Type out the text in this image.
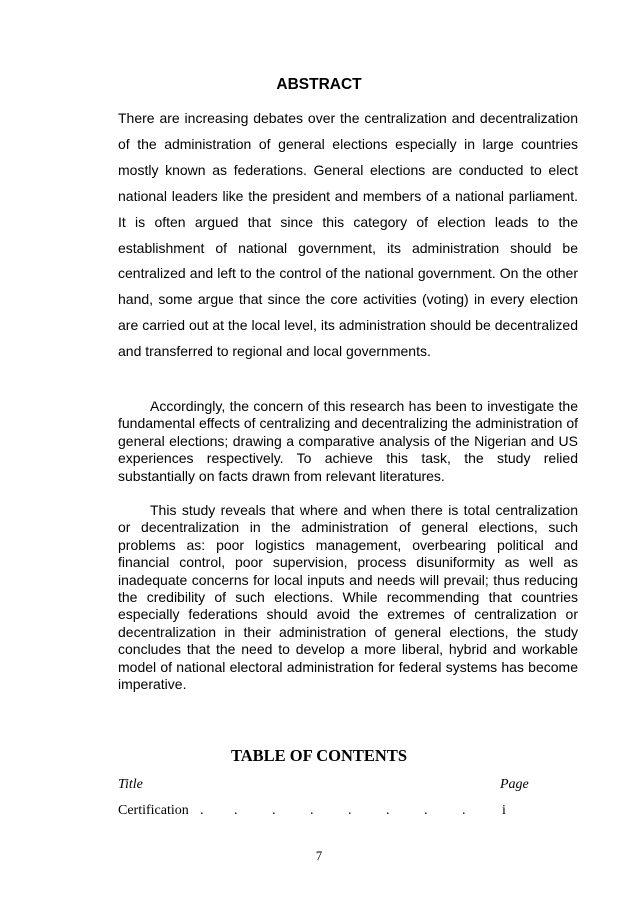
ABSTRACT

There are increasing debates over the centralization and decentralization of the administration of general elections especially in large countries mostly known as federations. General elections are conducted to elect national leaders like the president and members of a national parliament. It is often argued that since this category of election leads to the establishment of national government, its administration should be centralized and left to the control of the national government. On the other hand, some argue that since the core activities (voting) in every election are carried out at the local level, its administration should be decentralized and transferred to regional and local governments.

Accordingly, the concern of this research has been to investigate the fundamental effects of centralizing and decentralizing the administration of general elections; drawing a comparative analysis of the Nigerian and US experiences respectively. To achieve this task, the study relied substantially on facts drawn from relevant literatures.

This study reveals that where and when there is total centralization or decentralization in the administration of general elections, such problems as: poor logistics management, overbearing political and financial control, poor supervision, process disuniformity as well as inadequate concerns for local inputs and needs will prevail; thus reducing the credibility of such elections. While recommending that countries especially federations should avoid the extremes of centralization or decentralization in their administration of general elections, the study concludes that the need to develop a more liberal, hybrid and workable model of national electoral administration for federal systems has become imperative.

TABLE OF CONTENTS
Title	Page
Certification . . . . . . . .	i
7
